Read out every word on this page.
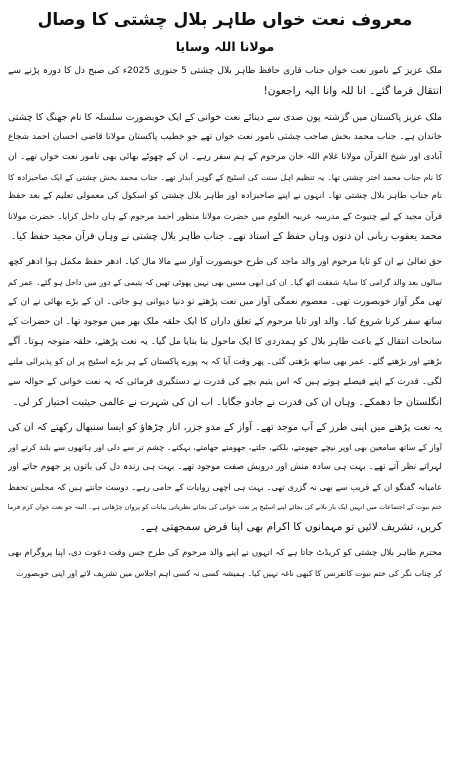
معروف نعت خواں طاہر بلال چشتی کا وصال
مولانا اللہ وسایا
ملک عزیز کے نامور نعت خواں جناب قاری حافظ طاہر بلال چشتی 5 جنوری 2025ء کی صبح دل کا دورہ پڑنے سے
انتقال فرما گئے۔ انا للہ وانا الیہ راجعون!
ملک عزیز پاکستان میں گزشتہ پون صدی سے دینائے نعت خوانی کے ایک خوبصورت سلسلہ کا نام جھنگ کا چشتی
خاندان ہے۔ جناب محمد بخش صاحب چشتی نامور نعت خواں تھے جو خطیب پاکستان مولانا قاضی احسان احمد شجاع
آبادی اور شیخ القرآن مولانا غلام اللہ خان مرحوم کے ہم سفر رہے۔ ان کے چھوٹے بھائی بھی نامور نعت خواں تھے۔ ان
کا نام جناب محمد اختر چشتی تھا۔ یہ تنظیم اہل سنت کی اسٹیج کے گوہر آبدار تھے۔ جناب محمد بخش چشتی کے ایک صاحبزادہ کا
نام جناب طاہر بلال چشتی تھا۔ انہوں نے اپنے صاحبزادہ اور طاہر بلال چشتی کو اسکول کی معمولی تعلیم کے بعد حفظ
قرآن مجید کے لیے چنیوٹ کے مدرسہ عربیہ العلوم میں حضرت مولانا منظور احمد مرحوم کے ہاں داخل کرایا۔ حضرت مولانا
محمد یعقوب ربانی ان دنوں وہاں حفظ کے استاذ تھے۔ جناب طاہر بلال چشتی نے وہاں قرآن مجید حفظ کیا۔
حق تعالیٰ نے ان کو تایا مرحوم اور والد ماجد کی طرح خوبصورت آواز سے مالا مال کیا۔ ادھر حفظ مکمل ہوا ادھر کچھ
سالوں بعد والد گرامی کا سایۂ شفقت اٹھ گیا۔ ان کی ابھی مسیں بھی نہیں پھوٹی تھیں کہ یتیمی کے دور میں داخل ہو گئے۔ عمر کم
تھی مگر آواز خوبصورت تھی۔ معصوم نعمگی آواز میں نعت پڑھتے تو دنیا دیوانی ہو جاتی۔ ان کے بڑے بھائی نے ان کے
ساتھ سفر کرنا شروع کیا۔ والد اور تایا مرحوم کے تعلق داران کا ایک حلقہ ملک بھر میں موجود تھا۔ ان حضرات کے
سانحات انتقال کے باعث طاہر بلال کو ہمدردی کا ایک ماحول بنا بنایا مل گیا۔ یہ نعت پڑھتے، حلقہ متوجہ ہوتا۔ آگے
بڑھتے اور بڑھتے گئے۔ عمر بھی ساتھ بڑھتی گئی۔ پھر وقت آیا کہ یہ پورے پاکستان کے ہر بڑے اسٹیج پر ان کو پذیرائی ملنے
لگی۔ قدرت کے اپنے فیصلے ہوتے ہیں کہ اس یتیم بچے کی قدرت نے دستگیری فرمائی کہ یہ نعت خوانی کے حوالہ سے
انگلستان جا دھمکے۔ وہاں ان کی قدرت نے جادو جگایا۔ اب ان کی شہرت نے عالمی حیثیت اختیار کر لی۔
یہ نعت پڑھنے میں اپنی طرز کے آپ موجد تھے۔ آواز کے مدو جزر، اتار چڑھاؤ کو ایسا سنبھال رکھتے کہ ان کی
آواز کے ساتھ سامعین بھی اوپر نیچے جھومتے، بلکتے، جلتے، جھومتے جھامتے، بہکتے۔ چشم تر سے دلی اور ہاتھوں سے بلند کرتے اور
لہراتے نظر آتے تھے۔ بہت ہی سادہ منش اور درویش صفت موجود تھے۔ بہت ہی زندہ دل کی باتوں پر جھوم جاتے اور
عامیانہ گفتگو ان کے قریب سے بھی نہ گزری تھی۔ بہت ہی اچھی روایات کے حامی رہے۔ دوست جانتے ہیں کہ مجلس تحفظ
ختم نبوت کے اجتماعات میں انہیں ایک بار بلانے کی بجائے اپنے اسٹیج پر نعت خوانی کی بجائے نظریاتی بیانات کو پروان چڑھاتی ہے۔ البتہ جو نعت خواں کرم فرما
کریں، تشریف لائیں تو مہمانوں کا اکرام بھی اپنا فرض سمجھتی ہے۔
محترم طاہر بلال چشتی کو کریڈٹ جاتا ہے کہ انہوں نے اپنے والد مرحوم کی طرح جس وقت دعوت دی، اپنا پروگرام بھی
کر چناب نگر کی ختم نبوت کانفرنس کا کبھی ناغہ نہیں کیا۔ ہمیشہ کسی نہ کسی اہم اجلاس میں تشریف لاتے اور اپنی خوبصورت
